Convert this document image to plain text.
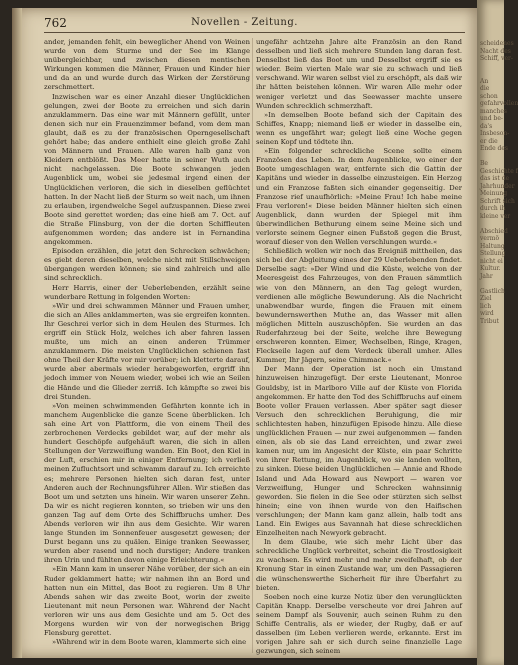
762	Novellen - Zeitung.

ander, jemanden fehlt, ein beweglicher Ahend von Weinen wurde von dem Sturme und der See im Klange unübergleichbar, und zwischen diesen mentischen Wirkungen kommen die Männer, Frauen und Kinder hier und da an und wurde durch das Wirken der Zerstörung zerschmettert.

Inzwischen war es einer Anzahl dieser Unglücklichen gelungen, zwei der Boote zu erreichen und sich darin anzuklammern. Das eine war mit Männern gefüllt, unter denen sich nur ein Frauenzimmer befand, vom dem man glaubt, daß es zu der französischen Operngesellschaft gehört habe; das andere enthielt eine gleich große Zahl von Männern und Frauen. Alle waren halb ganz von Kleidern entblößt. Das Meer hatte in seiner Wuth auch nicht nachgelassen. Die Boote schwangen jeden Augenblick um, wobei sie jedesmal irgend einen der Unglücklichen verloren, die sich in dieselben geflüchtet hatten. In der Nacht ließ der Sturm so weit nach, um ihnen zu erlauben, irgendwelche Segel aufzuspannen. Diese zwei Boote sind gerettet worden; das eine hieß am 7. Oct. auf die Straße Flinsburg, von der die dorten Schiffleuten aufgenommen worden; das andere ist in Fernandina angekommen.

Episoden erzählen, die jetzt den Schrecken schwächen; es giebt deren dieselben, welche nicht mit Stillschweigen übergangen werden können; sie sind zahlreich und alle sind schrecklich.

Herr Harris, einer der Ueberlebenden, erzählt seine wunderbare Rettung in folgenden Worten:

»Wir und drei schwammen Männer und Frauen umher, die sich an Alles anklammerten, was sie ergreifen konnten. Ihr Geschrei verlor sich in dem Heulen des Sturmes. Ich ergriff ein Stück Holz, welches ich aber fahren lassen mußte, um mich an einen anderen Trümmer anzuklammern. Die meisten Unglücklichen schienen fast ohne Theil der Kräfte vor mir vorüber; ich kletterte darauf, wurde aber abermals wieder herabgeworfen, ergriff ihn jedoch immer von Neuem wieder, wobei ich wie an Seilen die Hände und die Glieder zerriß. Ich kämpfte so zwei bis drei Stunden.

»Von meinen schwimmenden Gefährten konnte ich in manchem Augenblicke die ganze Scene überblicken. Ich sah eine Art von Plattform, die von einem Theil des zerbrochenen Verdecks gebildet war, auf der mehr als hundert Geschöpfe aufgehäuft waren, die sich in allen Stellungen der Verzweiflung wanden. Ein Boot, den Kiel in der Luft, erschien mir in einiger Entfernung; ich verließ meinen Zufluchtsort und schwamm darauf zu. Ich erreichte es; mehrere Personen hielten sich daran fest, unter Anderen auch der Rechnungsführer Allen. Wir stießen das Boot um und setzten uns hinein. Wir waren unserer Zehn. Da wir es nicht regieren konnten, so trieben wir uns den ganzen Tag auf dem Orte des Schiffbruchs umher. Des Abends verloren wir ihn aus dem Gesichte. Wir waren lange Stunden im Sonnenfeuer ausgesetzt gewesen; der Durst begann uns zu quälen. Einige tranken Seewasser, wurden aber rasend und noch durstiger; Andere tranken ihren Urin und fühlten davon einige Erleichterung.«

»Ein Mann kam in unserer Nähe vorüber, der sich an ein Ruder geklammert hatte; wir nahmen ihn an Bord und hatten nun ein Mittel, das Boot zu regieren. Um 8 Uhr Abends sahen wir das zweite Boot, worin der zweite Lieutenant mit neun Personen war. Während der Nacht verloren wir uns aus dem Gesichte und am 5. Oct des Morgens wurden wir von der norwegischen Brigg Flensburg gerettet.

»Während wir in dem Boote waren, klammerte sich eine

ungefähr achtzehn Jahre alte Französin an den Rand desselben und ließ sich mehrere Stunden lang daran fest. Denselbst ließ das Boot um und Desselbst ergriff sie es wieder. Beim vierten Male war sie zu schwach und ließ verschwand. Wir waren selbst viel zu erschöpft, als daß wir ihr hätten beistehen können. Wir waren Alle mehr oder weniger verletzt und das Seewasser machte unsere Wunden schrecklich schmerzhaft.

»In demselben Boote befand sich der Capitain des Schiffes, Knapp; niemand ließ er wieder in dasselbe ein, wenn es ungefährt war; gelegt ließ eine Woche gegen seinen Kopf und tödtete ihn.

»Ein folgender schreckliche Scene sollte einem Französen das Leben. In dem Augenblicke, wo einer der Boote umgeschlagen war, entfernte sich die Gattin der Kapitäns und wieder in dasselbe einzusteigen. Ein Herzog und ein Franzose faßten sich einander gegenseitig. Der Franzose rief unaufhörlich: »Meine Frau! Ich habe meine Frau verloren!« Diese beiden Männer hielten sich einen Augenblick, dann wurden der Spiegel mit ihm überwindlichen Bethurung einem seine Meine sich und verlorste seinem Gegner einen Fußstoß gegen die Brust, worauf dieser von den Wellen verschlungen wurde.«

Schließlich wollen wir noch das Ereigniß mittheilen, das sich bei der Abgleitung eines der 29 Ueberlebenden findet. Derselbe sagt: »Der Wind und die Küste, welche von der Meeresgeist des Fahrzeuges, von den Frauen sämmtlich wie von den Männern, an den Tag gelegt wurden, verdienen alle mögliche Bewunderung. Als die Nachricht unabwendbar wurde, fingen die Frauen mit einem bewundernswerthen Muthe an, das Wasser mit allen möglichen Mitteln auszuschöpfen. Sie wurden an das Ruderfahrzeug bei der Seite, welche ihre Bewegung erschweren konnten. Eimer, Wechselben, Ringe, Kragen, Fleckseile lagen auf dem Verdeck überall umher. Alles Kummer, Ihr Jägern, seine Chimmack.«

Der Mann der Operation ist noch ein Umstand hinzuweisen hinzugefügt. Der erste Lieutenant, Monroe Gouldsby, ist in Marlboro Ville auf der Küste von Florida angekommen. Er hatte den Tod des Schiffbruchs auf einem Boote voller Frauen verlassen. Aber später sagt dieser Versuch den schrecklichen Beruhigung, die mir schlichtesten haben, hinzufügen Episode hinzu. Alle diese unglücklichen Frauen — nur zwei aufgenommen — fanden einen, als ob sie das Land erreichten, und zwar zwei kamen nur, um im Angesicht der Küste, ein paar Schritte von ihrer Rettung, im Augenblick, wo sie landen wollten, zu sinken. Diese beiden Unglücklichen — Annie and Rhode Island und Ada Howard aus Newport — waren vor Verzweiflung, Hunger und Schrecken wahnsinnig geworden. Sie fielen in die See oder stürzten sich selbst hinein; eine von ihnen wurde von den Haifischen verschlungen; der Mann kam ganz allein, halb todt ans Land. Ein Ewiges aus Savannah hat diese schrecklichen Einzelheiten nach Newyork gebracht.

In dem Glaube, wie sich mehr Licht über das schreckliche Unglück verbreitet, scheint die Trostlosigkeit zu wachsen. Es wird mehr und mehr zweifelhaft, ob der Kronung Star in einen Zustande war, um den Passagieren die wünschenswerthe Sicherheit für ihre Überfahrt zu bieten.

Soeben noch eine kurze Notiz über den verunglückten Capitän Knapp. Derselbe verscheute vor drei Jahren auf seinem Dampf als Souvenir, auch seinen Ruhm zu den Schiffe Centralis, als er wieder, der Rugby, daß er auf dasselben (im Leben verlieren werde, erkannte. Erst im vorigen Jahre sah er sich durch seine finanzielle Lage gezwungen, sich seinem

scheidenes
Nacht des
Schiff, ver-

An
die
schon
gefahrvollen
manches
und be-
da's
Insbeson-
er die
Ende des

Be
Geschichte f
das ist de
Jahrhunder
Meinung
Schrift sich
durch ih
kleine ver

Abschied
vermö
Haltung
Stellung
nicht ei
Kultur.
Jahr

Gastlich
Ziel
lich
wird
Tribut
